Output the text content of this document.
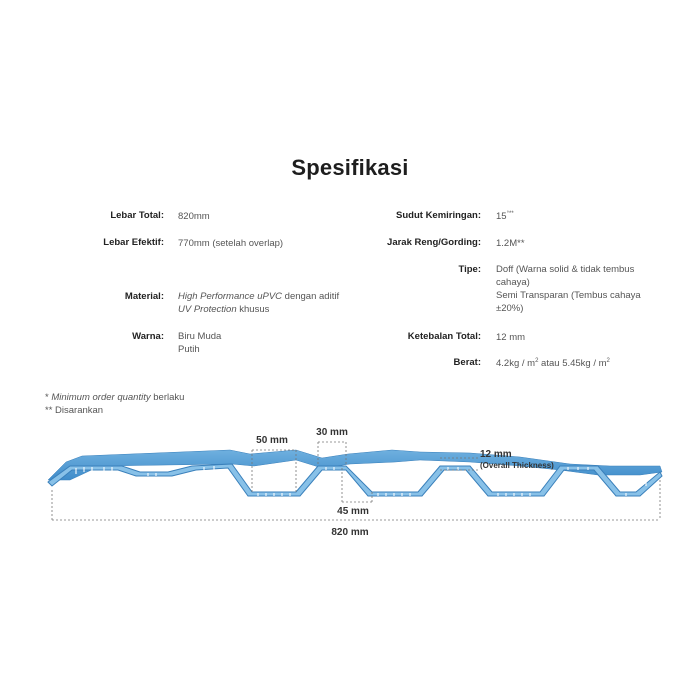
Spesifikasi
Lebar Total: 820mm
Lebar Efektif: 770mm (setelah overlap)
Material: High Performance uPVC dengan aditif UV Protection khusus
Warna: Biru Muda
Putih
Sudut Kemiringan: 15°**
Jarak Reng/Gording: 1.2M**
Tipe: Doff (Warna solid & tidak tembus cahaya)
Semi Transparan (Tembus cahaya ±20%)
Ketebalan Total: 12 mm
Berat: $4.2kg / m^2$ atau $5.45kg / m^2$
* Minimum order quantity berlaku
** Disarankan
50 mm
30 mm
45 mm
12 mm
(Overall Thickness)
820 mm
